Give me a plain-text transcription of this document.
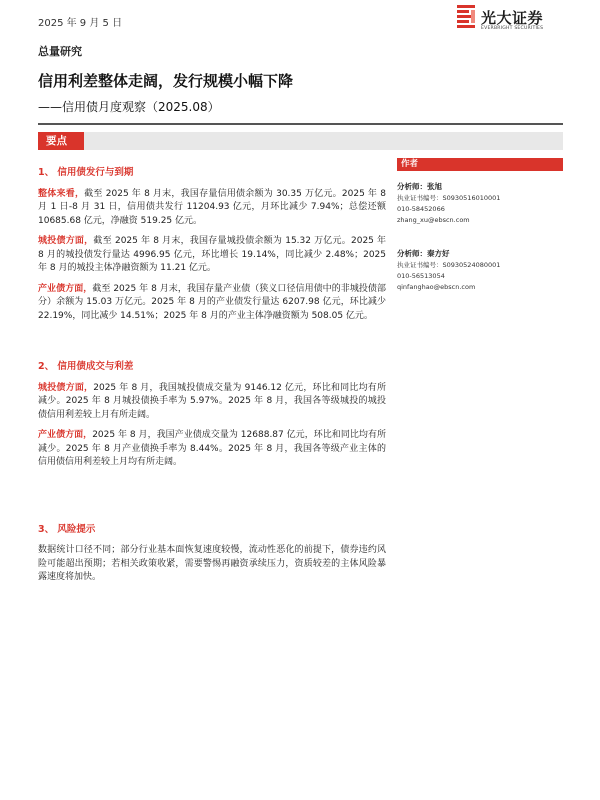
2025 年 9 月 5 日	光大证券
EVERBRIGHT SECURITIES
总量研究
信用利差整体走阔，发行规模小幅下降
——信用债月度观察（2025.08）
要点
1、 信用债发行与到期

整体来看，截至 2025 年 8 月末，我国存量信用债余额为 30.35 万亿元。2025 年 8 月 1 日-8 月 31 日，信用债共发行 11204.93 亿元，月环比减少 7.94%；总偿还额 10685.68 亿元，净融资 519.25 亿元。

城投债方面，截至 2025 年 8 月末，我国存量城投债余额为 15.32 万亿元。2025 年 8 月的城投债发行量达 4996.95 亿元，环比增长 19.14%，同比减少 2.48%；2025 年 8 月的城投主体净融资额为 11.21 亿元。

产业债方面，截至 2025 年 8 月末，我国存量产业债（狭义口径信用债中的非城投债部分）余额为 15.03 万亿元。2025 年 8 月的产业债发行量达 6207.98 亿元，环比减少 22.19%，同比减少 14.51%；2025 年 8 月的产业主体净融资额为 508.05 亿元。

2、 信用债成交与利差

城投债方面，2025 年 8 月，我国城投债成交量为 9146.12 亿元，环比和同比均有所减少。2025 年 8 月城投债换手率为 5.97%。2025 年 8 月，我国各等级城投的城投债信用利差较上月有所走阔。

产业债方面，2025 年 8 月，我国产业债成交量为 12688.87 亿元，环比和同比均有所减少。2025 年 8 月产业债换手率为 8.44%。2025 年 8 月，我国各等级产业主体的信用债信用利差较上月均有所走阔。

3、 风险提示

数据统计口径不同；部分行业基本面恢复速度较慢，流动性恶化的前提下，债券违约风险可能超出预期；若相关政策收紧，需要警惕再融资承续压力，资质较差的主体风险暴露速度将加快。

作者
分析师：张旭
执业证书编号：S0930516010001
010-58452066
zhang_xu@ebscn.com
分析师：秦方好
执业证书编号：S0930524080001
010-56513054
qinfanghao@ebscn.com
